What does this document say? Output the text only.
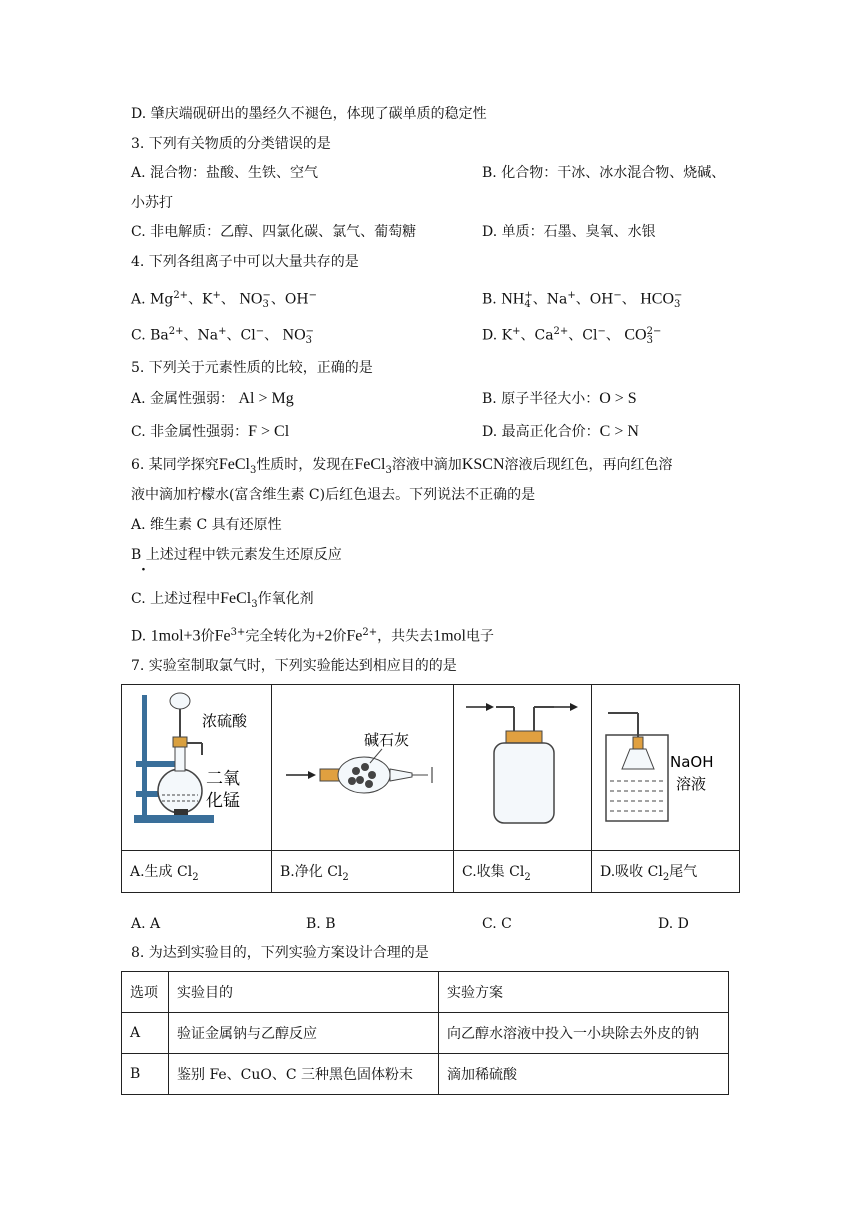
D. 肇庆端砚研出的墨经久不褪色，体现了碳单质的稳定性
3. 下列有关物质的分类错误的是
A. 混合物：盐酸、生铁、空气	B. 化合物：干冰、冰水混合物、烧碱、
小苏打
C. 非电解质：乙醇、四氯化碳、氯气、葡萄糖	D. 单质：石墨、臭氧、水银
4. 下列各组离子中可以大量共存的是
A. $Mg^{2+}$、K+、 NO −
3 、OH−	B. NH +
4 、Na+、OH−、 HCO −
3
C. $Ba^{2+}$、Na+、Cl−、 NO −
3	D. K+、$Ca^{2+}$、Cl−、 CO 2−
3
5. 下列关于元素性质的比较，正确的是
A. 金属性强弱： Al > Mg	B. 原子半径大小：O > S
C. 非金属性强弱：F > Cl	D. 最高正化合价：C > N
6. 某同学探究FeCl$_3$性质时，发现在FeCl$_3$溶液中滴加KSCN溶液后现红色，再向红色溶
液中滴加柠檬水(富含维生素 C)后红色退去。下列说法不正确的是
A. 维生素 C 具有还原性
B 上述过程中铁元素发生还原反应
·
C. 上述过程中FeCl$_3$作氧化剂
D. 1mol+3价$Fe^{3+}$完全转化为+2价$Fe^{2+}$，共失去1mol电子
7. 实验室制取氯气时，下列实验能达到相应目的的是
浓硫酸
二氧
化锰	碱石灰		NaOH
溶液

A.生成 $Cl_2$	B.净化 $Cl_2$	C.收集 $Cl_2$	D.吸收 $Cl_2$尾气
A. A	B. B	C. C	D. D
8. 为达到实验目的，下列实验方案设计合理的是
选项	实验目的	实验方案
A	验证金属钠与乙醇反应	向乙醇水溶液中投入一小块除去外皮的钠
B	鉴别 Fe、CuO、C 三种黑色固体粉末	滴加稀硫酸
